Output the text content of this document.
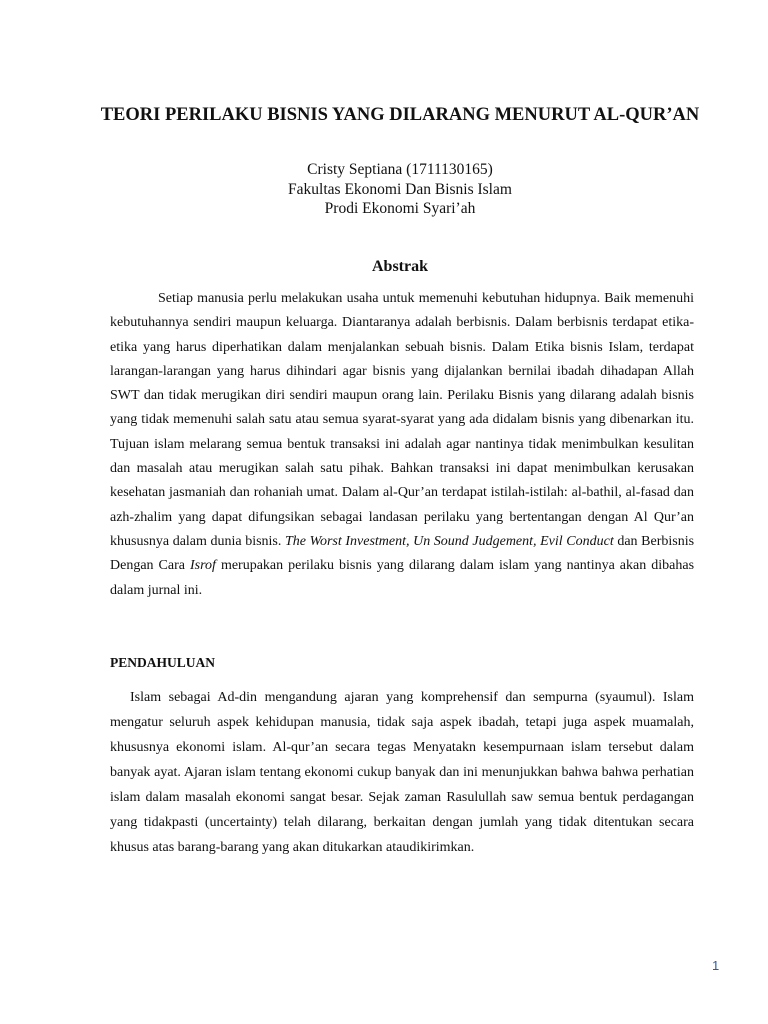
TEORI PERILAKU BISNIS YANG DILARANG MENURUT AL-QUR’AN
Cristy Septiana (1711130165)
Fakultas Ekonomi Dan Bisnis Islam
Prodi Ekonomi Syari’ah
Abstrak

Setiap manusia perlu melakukan usaha untuk memenuhi kebutuhan hidupnya. Baik memenuhi kebutuhannya sendiri maupun keluarga. Diantaranya adalah berbisnis. Dalam berbisnis terdapat etika-etika yang harus diperhatikan dalam menjalankan sebuah bisnis. Dalam Etika bisnis Islam, terdapat larangan-larangan yang harus dihindari agar bisnis yang dijalankan bernilai ibadah dihadapan Allah SWT dan tidak merugikan diri sendiri maupun orang lain. Perilaku Bisnis yang dilarang adalah bisnis yang tidak memenuhi salah satu atau semua syarat-syarat yang ada didalam bisnis yang dibenarkan itu. Tujuan islam melarang semua bentuk transaksi ini adalah agar nantinya tidak menimbulkan kesulitan dan masalah atau merugikan salah satu pihak. Bahkan transaksi ini dapat menimbulkan kerusakan kesehatan jasmaniah dan rohaniah umat. Dalam al-Qur’an terdapat istilah-istilah: al-bathil, al-fasad dan azh-zhalim yang dapat difungsikan sebagai landasan perilaku yang bertentangan dengan Al Qur’an khususnya dalam dunia bisnis. The Worst Investment, Un Sound Judgement, Evil Conduct dan Berbisnis Dengan Cara Isrof merupakan perilaku bisnis yang dilarang dalam islam yang nantinya akan dibahas dalam jurnal ini.

PENDAHULUAN

Islam sebagai Ad-din mengandung ajaran yang komprehensif dan sempurna (syaumul). Islam mengatur seluruh aspek kehidupan manusia, tidak saja aspek ibadah, tetapi juga aspek muamalah, khususnya ekonomi islam. Al-qur’an secara tegas Menyatakn kesempurnaan islam tersebut dalam banyak ayat. Ajaran islam tentang ekonomi cukup banyak dan ini menunjukkan bahwa bahwa perhatian islam dalam masalah ekonomi sangat besar. Sejak zaman Rasulullah saw semua bentuk perdagangan yang tidakpasti (uncertainty) telah dilarang, berkaitan dengan jumlah yang tidak ditentukan secara khusus atas barang-barang yang akan ditukarkan ataudikirimkan.

1
